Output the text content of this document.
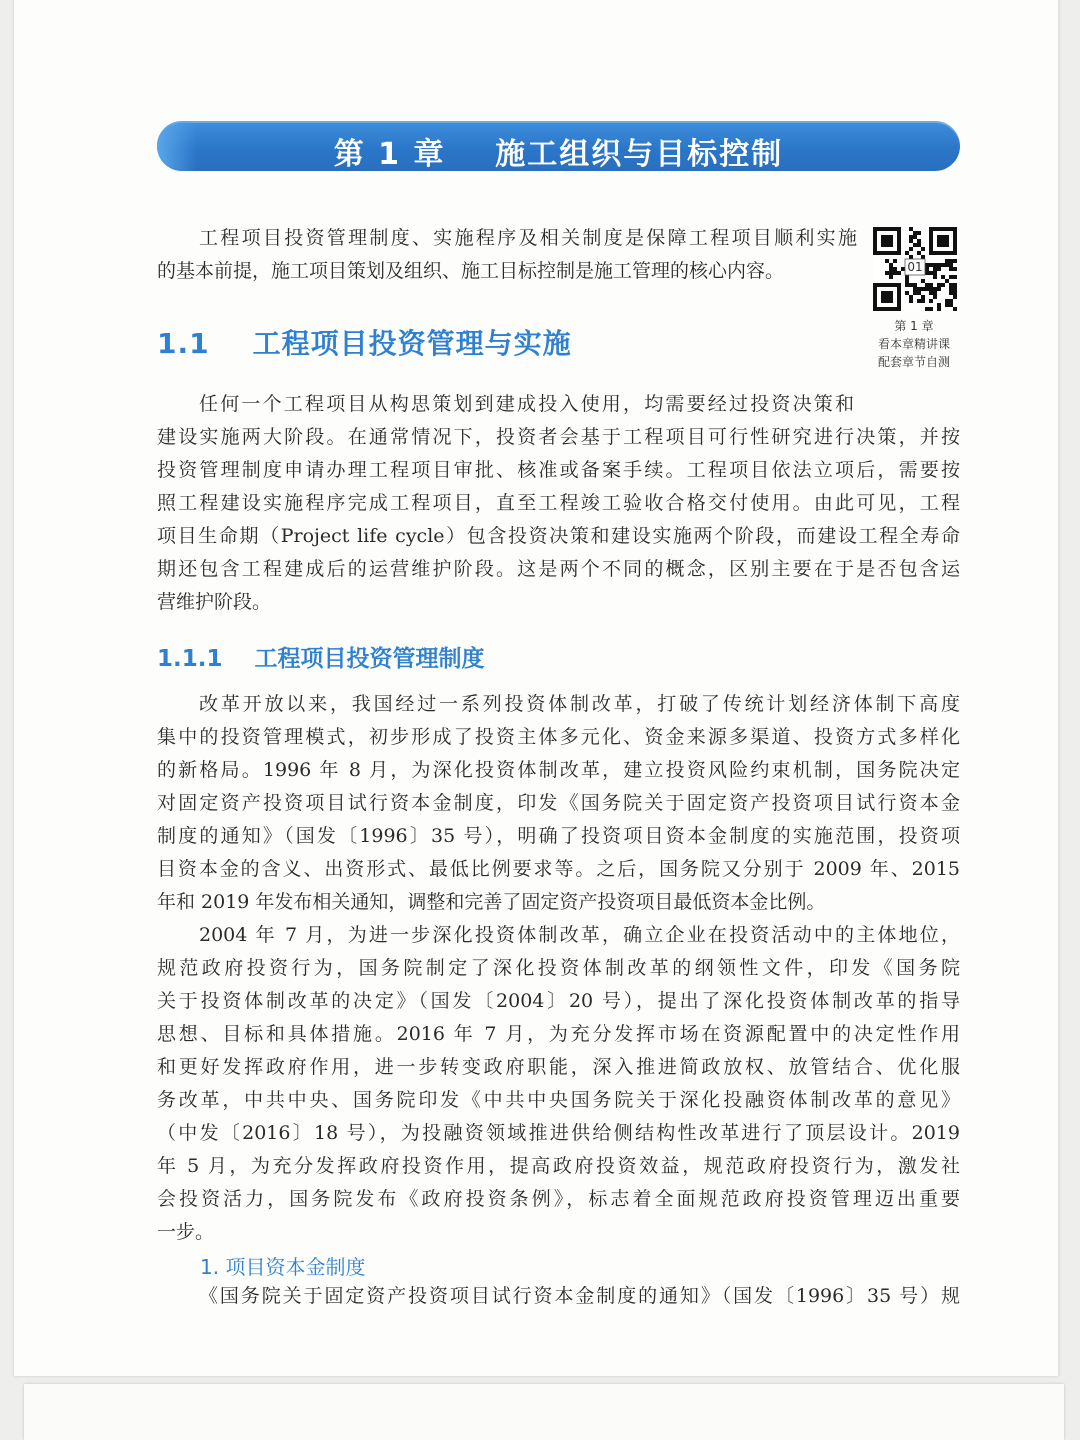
第 1 章    施工组织与目标控制
工程项目投资管理制度、实施程序及相关制度是保障工程项目顺利实施
的基本前提，施工项目策划及组织、施工目标控制是施工管理的核心内容。	01
第 1 章
看本章精讲课
配套章节自测
1.1    工程项目投资管理与实施
任何一个工程项目从构思策划到建成投入使用，均需要经过投资决策和
建设实施两大阶段。在通常情况下，投资者会基于工程项目可行性研究进行决策，并按
投资管理制度申请办理工程项目审批、核准或备案手续。工程项目依法立项后，需要按
照工程建设实施程序完成工程项目，直至工程竣工验收合格交付使用。由此可见，工程
项目生命期（Project life cycle）包含投资决策和建设实施两个阶段，而建设工程全寿命
期还包含工程建成后的运营维护阶段。这是两个不同的概念，区别主要在于是否包含运
营维护阶段。
1.1.1    工程项目投资管理制度
改革开放以来，我国经过一系列投资体制改革，打破了传统计划经济体制下高度
集中的投资管理模式，初步形成了投资主体多元化、资金来源多渠道、投资方式多样化
的新格局。1996 年 8 月，为深化投资体制改革，建立投资风险约束机制，国务院决定
对固定资产投资项目试行资本金制度，印发《国务院关于固定资产投资项目试行资本金
制度的通知》（国发〔1996〕35 号），明确了投资项目资本金制度的实施范围，投资项
目资本金的含义、出资形式、最低比例要求等。之后，国务院又分别于 2009 年、2015
年和 2019 年发布相关通知，调整和完善了固定资产投资项目最低资本金比例。
2004 年 7 月，为进一步深化投资体制改革，确立企业在投资活动中的主体地位，
规范政府投资行为，国务院制定了深化投资体制改革的纲领性文件，印发《国务院
关于投资体制改革的决定》（国发〔2004〕20 号），提出了深化投资体制改革的指导
思想、目标和具体措施。2016 年 7 月，为充分发挥市场在资源配置中的决定性作用
和更好发挥政府作用，进一步转变政府职能，深入推进简政放权、放管结合、优化服
务改革，中共中央、国务院印发《中共中央国务院关于深化投融资体制改革的意见》
（中发〔2016〕18 号），为投融资领域推进供给侧结构性改革进行了顶层设计。2019
年 5 月，为充分发挥政府投资作用，提高政府投资效益，规范政府投资行为，激发社
会投资活力，国务院发布《政府投资条例》，标志着全面规范政府投资管理迈出重要
一步。
1. 项目资本金制度
《国务院关于固定资产投资项目试行资本金制度的通知》（国发〔1996〕35 号）规
